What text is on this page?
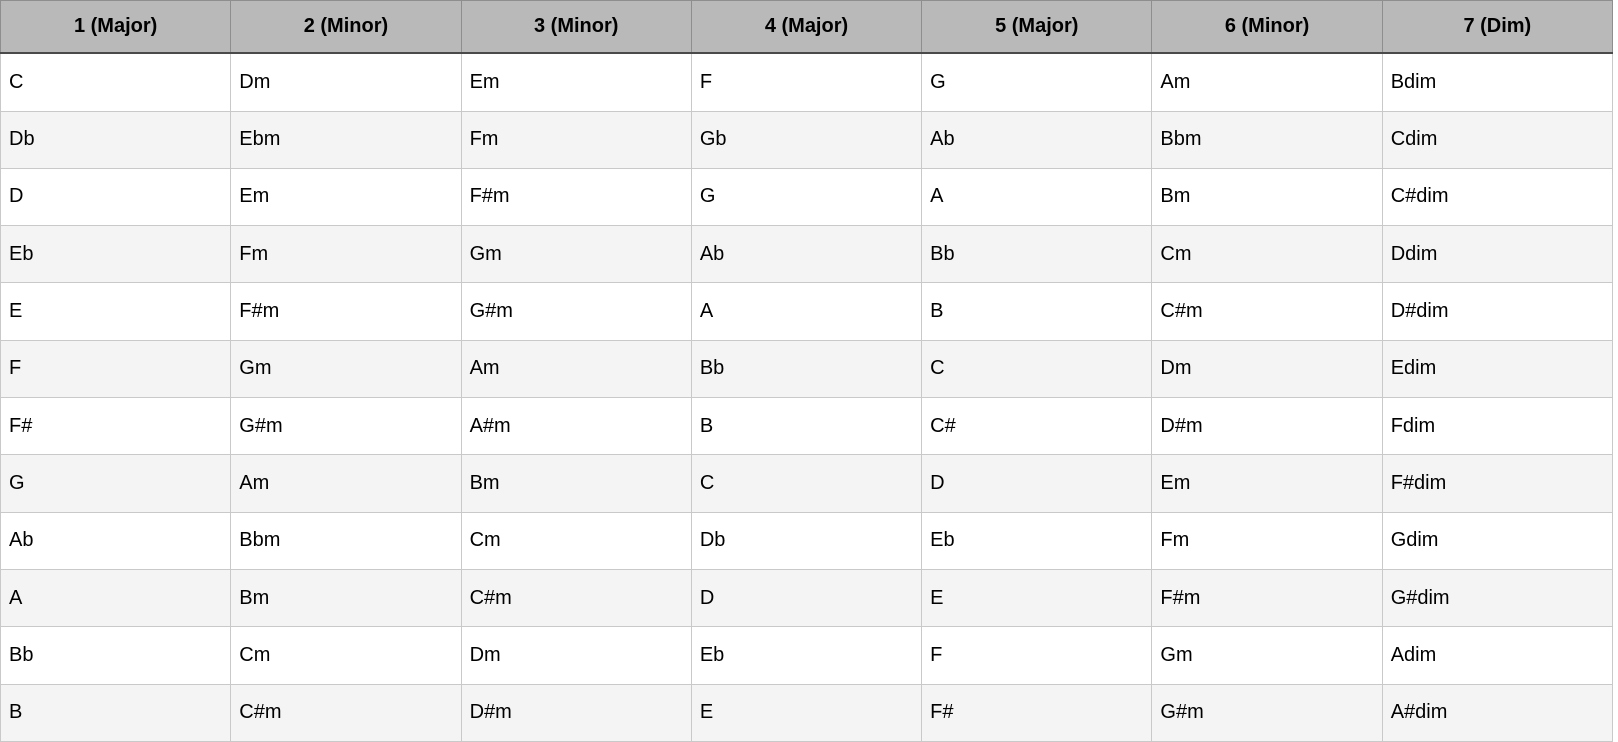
1 (Major)	2 (Minor)	3 (Minor)	4 (Major)	5 (Major)	6 (Minor)	7 (Dim)
C	Dm	Em	F	G	Am	Bdim
Db	Ebm	Fm	Gb	Ab	Bbm	Cdim
D	Em	F#m	G	A	Bm	C#dim
Eb	Fm	Gm	Ab	Bb	Cm	Ddim
E	F#m	G#m	A	B	C#m	D#dim
F	Gm	Am	Bb	C	Dm	Edim
F#	G#m	A#m	B	C#	D#m	Fdim
G	Am	Bm	C	D	Em	F#dim
Ab	Bbm	Cm	Db	Eb	Fm	Gdim
A	Bm	C#m	D	E	F#m	G#dim
Bb	Cm	Dm	Eb	F	Gm	Adim
B	C#m	D#m	E	F#	G#m	A#dim
